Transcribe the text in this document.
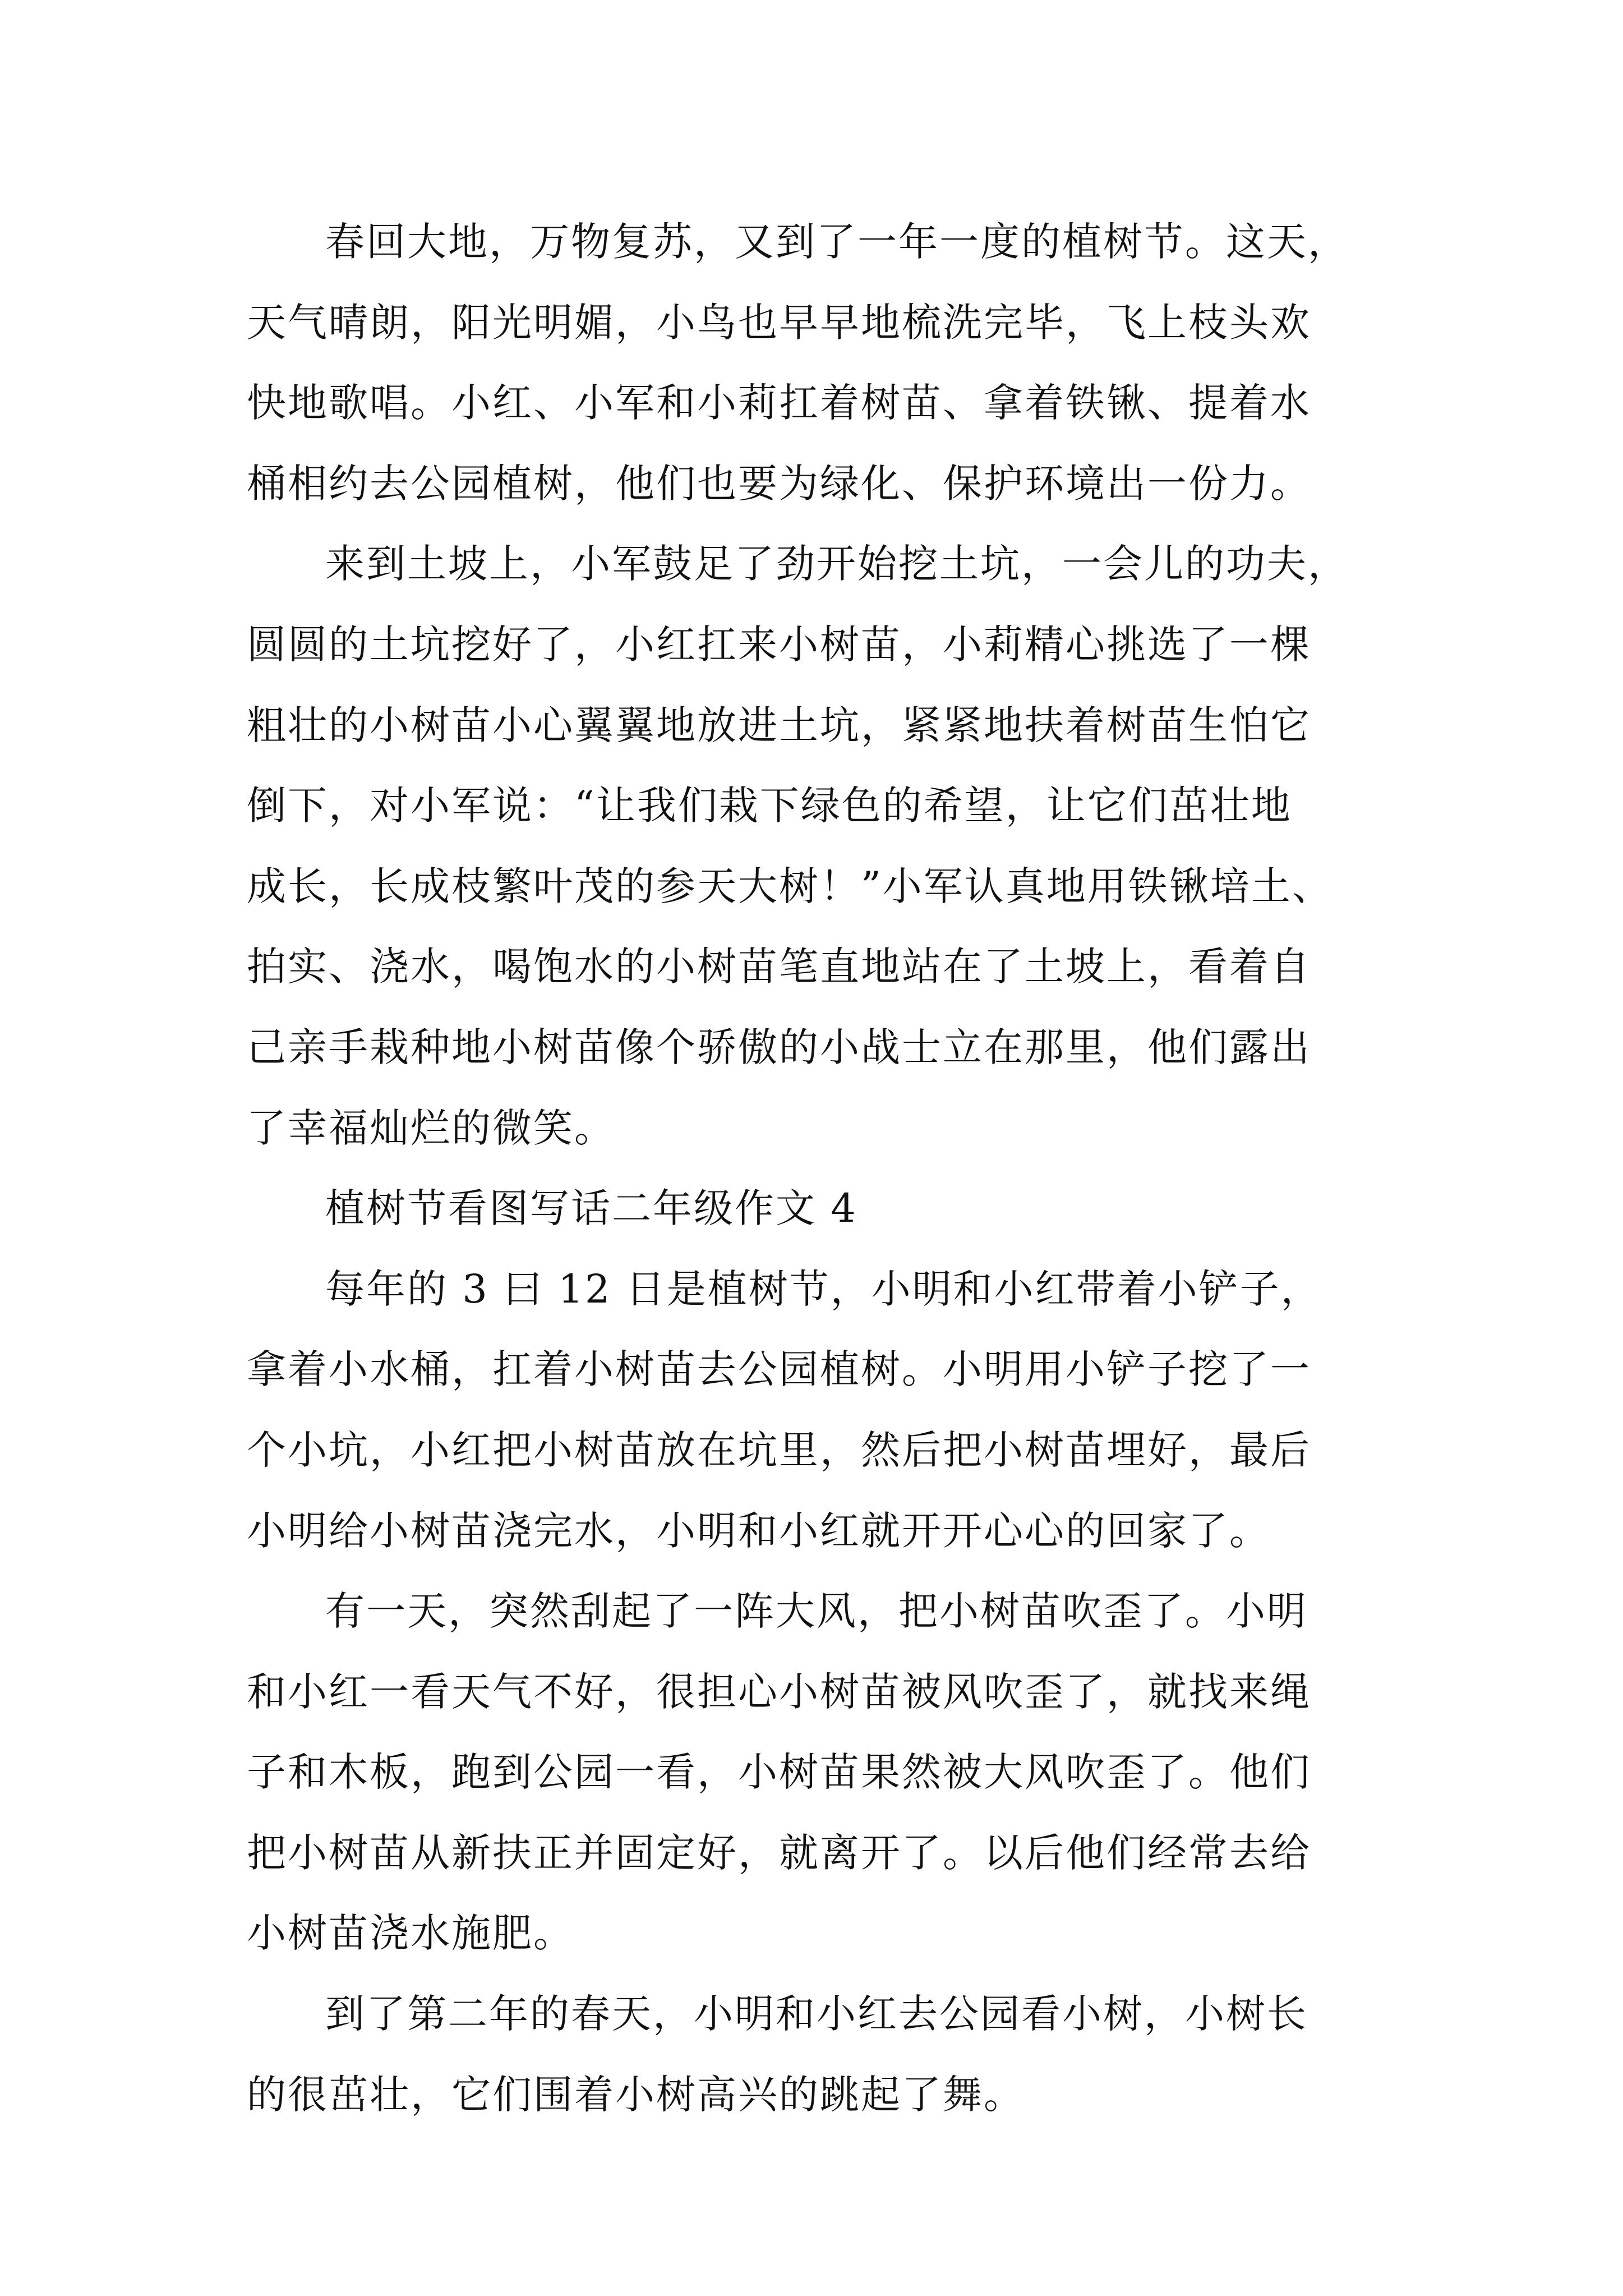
春回大地，万物复苏，又到了一年一度的植树节。这天，
天气晴朗，阳光明媚，小鸟也早早地梳洗完毕，飞上枝头欢
快地歌唱。小红、小军和小莉扛着树苗、拿着铁锹、提着水
桶相约去公园植树，他们也要为绿化、保护环境出一份力。

来到土坡上，小军鼓足了劲开始挖土坑，一会儿的功夫，
圆圆的土坑挖好了，小红扛来小树苗，小莉精心挑选了一棵
粗壮的小树苗小心翼翼地放进土坑，紧紧地扶着树苗生怕它
倒下，对小军说：“让我们栽下绿色的希望，让它们茁壮地
成长，长成枝繁叶茂的参天大树！”小军认真地用铁锹培土、
拍实、浇水，喝饱水的小树苗笔直地站在了土坡上，看着自
己亲手栽种地小树苗像个骄傲的小战士立在那里，他们露出
了幸福灿烂的微笑。

植树节看图写话二年级作文 4

每年的 3 曰 12 日是植树节，小明和小红带着小铲子，
拿着小水桶，扛着小树苗去公园植树。小明用小铲子挖了一
个小坑，小红把小树苗放在坑里，然后把小树苗埋好，最后
小明给小树苗浇完水，小明和小红就开开心心的回家了。

有一天，突然刮起了一阵大风，把小树苗吹歪了。小明
和小红一看天气不好，很担心小树苗被风吹歪了，就找来绳
子和木板，跑到公园一看，小树苗果然被大风吹歪了。他们
把小树苗从新扶正并固定好，就离开了。以后他们经常去给
小树苗浇水施肥。

到了第二年的春天，小明和小红去公园看小树，小树长
的很茁壮，它们围着小树高兴的跳起了舞。
